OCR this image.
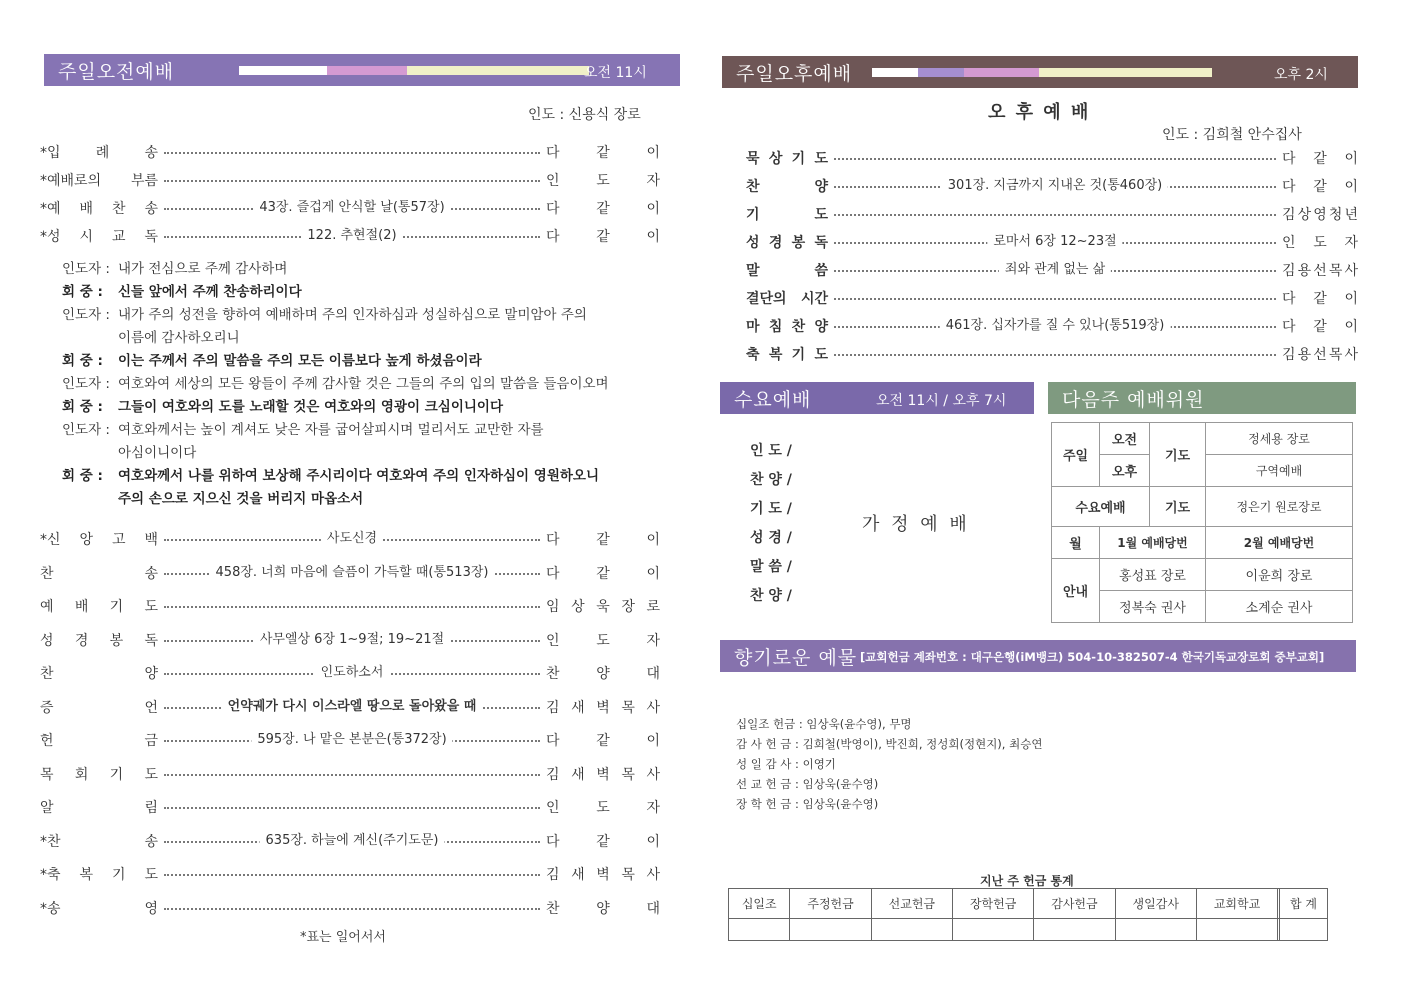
주일오전예배	오전 11시
인도 : 신용식 장로
*입	례	송	다	같	이
*예배로의 부름	인	도	자
*예 배 찬 송	43장. 즐겁게 안식할 날(통57장)	다	같	이
*성 시 교 독	122. 추현절(2)	다	같	이
인도자 : 내가 전심으로 주께 감사하며
회 중 : 신들 앞에서 주께 찬송하리이다
인도자 : 내가 주의 성전을 향하여 예배하며 주의 인자하심과 성실하심으로 말미암아 주의
이름에 감사하오리니
회 중 : 이는 주께서 주의 말씀을 주의 모든 이름보다 높게 하셨음이라
인도자 : 여호와여 세상의 모든 왕들이 주께 감사할 것은 그들의 주의 입의 말씀을 들음이오며
회 중 : 그들이 여호와의 도를 노래할 것은 여호와의 영광이 크심이니이다
인도자 : 여호와께서는 높이 계셔도 낮은 자를 굽어살피시며 멀리서도 교만한 자를
아심이니이다
회 중 : 여호와께서 나를 위하여 보상해 주시리이다 여호와여 주의 인자하심이 영원하오니
주의 손으로 지으신 것을 버리지 마옵소서
*신 앙 고 백	사도신경	다	같	이
찬	송	458장. 너희 마음에 슬픔이 가득할 때(통513장)	다	같	이
예 배 기 도	임 상 욱 장 로
성 경 봉 독	사무엘상 6장 1~9절; 19~21절	인	도	자
찬	양	인도하소서	찬	양	대
증	언	언약궤가 다시 이스라엘 땅으로 돌아왔을 때	김 새 벽 목 사
헌	금	595장. 나 맡은 본분은(통372장)	다	같	이
목 회 기 도	김 새 벽 목 사
알	림	인	도	자
*찬	송	635장. 하늘에 계신(주기도문)	다	같	이
*축 복 기 도	김 새 벽 목 사
*송	영	찬	양	대
*표는 일어서서
주일오후예배	오후 2시
오 후 예 배
인도 : 김희철 안수집사
묵 상 기 도	다 같 이
찬	양	301장. 지금까지 지내온 것(통460장)	다 같 이
기	도	김 상 영 청 년
성 경 봉 독	로마서 6장 12~23절	인 도 자
말	씀	죄와 관계 없는 삶	김 용 선 목 사
결단의 시간	다 같 이
마 침 찬 양	461장. 십자가를 질 수 있나(통519장)	다 같 이
축 복 기 도	김 용 선 목 사
수요예배	오전 11시 / 오후 7시
인 도 /
찬 양 /
기 도 /
성 경 /
말 씀 /
찬 양 /
가 정 예 배
다음주 예배위원
주일	오전	기도	정세용 장로
	오후		구역예배
수요예배		기도	정은기 원로장로
월	1월 예배당번		2월 예배당번
안내	홍성표 장로		이윤희 장로
	정복숙 권사		소계순 권사
향기로운 예물 [교회헌금 계좌번호 : 대구은행(iM뱅크) 504-10-382507-4 한국기독교장로회 중부교회]
십일조 헌금 : 임상욱(윤수영), 무명
감 사 헌 금 : 김희철(박영이), 박진희, 정성희(정현지), 최승연
성 일 감 사 : 이영기
선 교 헌 금 : 임상욱(윤수영)
장 학 헌 금 : 임상욱(윤수영)
지난 주 헌금 통계
십일조	주정헌금	선교헌금	장학헌금	감사헌금	생일감사	교회학교		합 계
